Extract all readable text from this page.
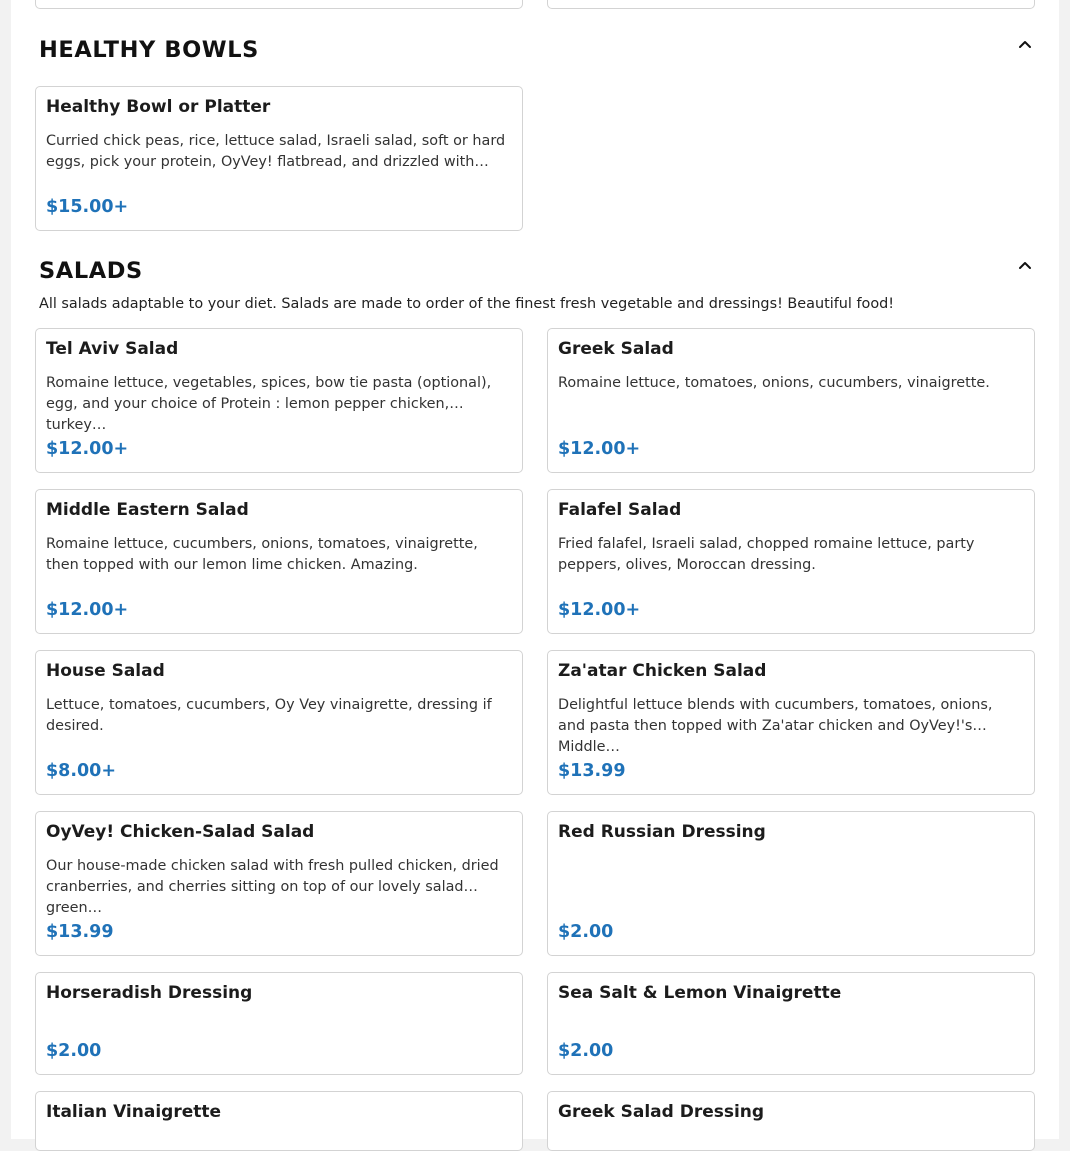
HEALTHY BOWLS
Healthy Bowl or Platter
Curried chick peas, rice, lettuce salad, Israeli salad, soft or hard eggs, pick your protein, OyVey! flatbread, and drizzled with…
$15.00+
SALADS
All salads adaptable to your diet. Salads are made to order of the finest fresh vegetable and dressings! Beautiful food!
Tel Aviv Salad
Romaine lettuce, vegetables, spices, bow tie pasta (optional), egg, and your choice of Protein : lemon pepper chicken, turkey…
$12.00+
Greek Salad
Romaine lettuce, tomatoes, onions, cucumbers, vinaigrette.
$12.00+
Middle Eastern Salad
Romaine lettuce, cucumbers, onions, tomatoes, vinaigrette, then topped with our lemon lime chicken. Amazing.
$12.00+
Falafel Salad
Fried falafel, Israeli salad, chopped romaine lettuce, party peppers, olives, Moroccan dressing.
$12.00+
House Salad
Lettuce, tomatoes, cucumbers, Oy Vey vinaigrette, dressing if desired.
$8.00+
Za'atar Chicken Salad
Delightful lettuce blends with cucumbers, tomatoes, onions, and pasta then topped with Za'atar chicken and OyVey!'s Middle…
$13.99
OyVey! Chicken-Salad Salad
Our house-made chicken salad with fresh pulled chicken, dried cranberries, and cherries sitting on top of our lovely salad green…
$13.99
Red Russian Dressing
$2.00
Horseradish Dressing
$2.00
Sea Salt & Lemon Vinaigrette
$2.00
Italian Vinaigrette	Greek Salad Dressing
